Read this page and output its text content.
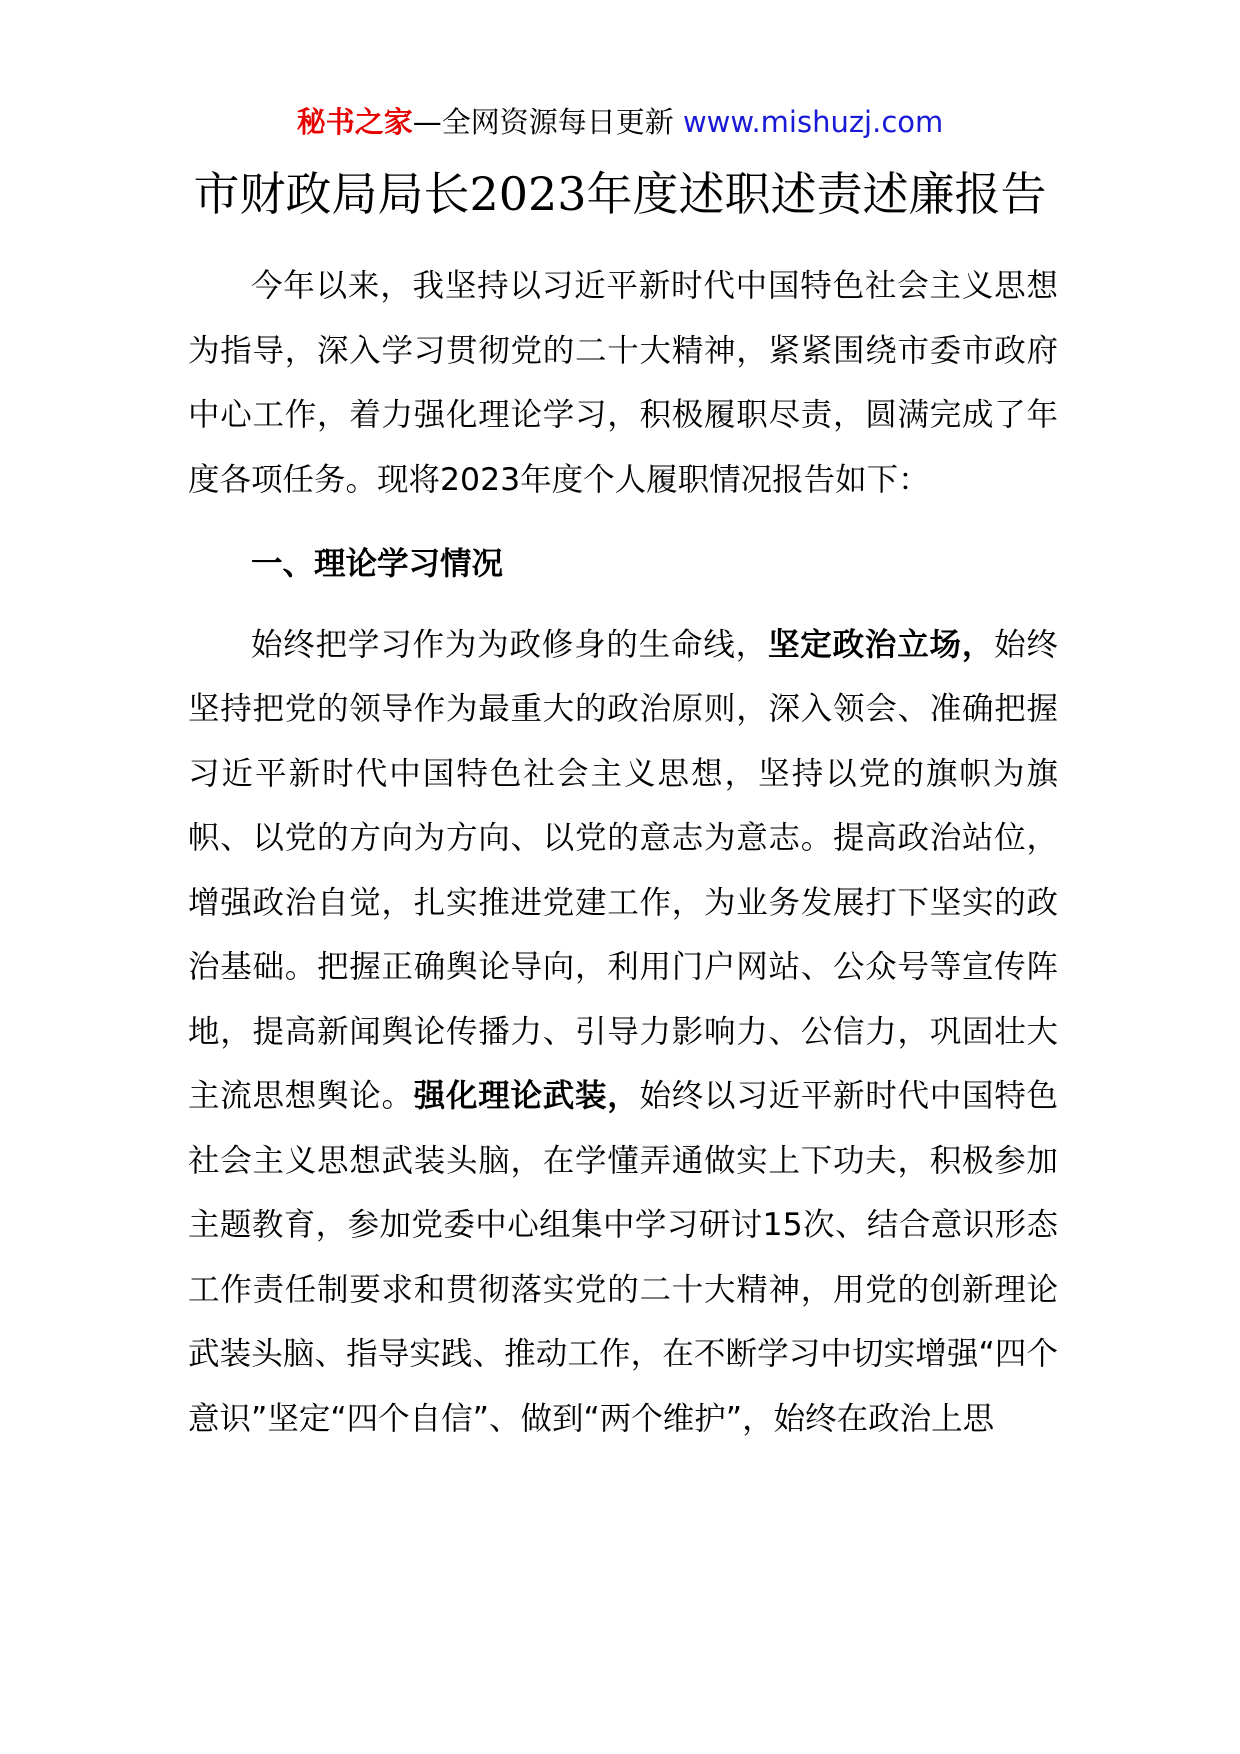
秘书之家—全网资源每日更新 www.mishuzj.com
市财政局局长2023年度述职述责述廉报告

今年以来，我坚持以习近平新时代中国特色社会主义思想为指导，深入学习贯彻党的二十大精神，紧紧围绕市委市政府中心工作，着力强化理论学习，积极履职尽责，圆满完成了年度各项任务。现将2023年度个人履职情况报告如下：

一、理论学习情况

始终把学习作为为政修身的生命线，坚定政治立场，始终坚持把党的领导作为最重大的政治原则，深入领会、准确把握习近平新时代中国特色社会主义思想，坚持以党的旗帜为旗帜、以党的方向为方向、以党的意志为意志。提高政治站位，增强政治自觉，扎实推进党建工作，为业务发展打下坚实的政治基础。把握正确舆论导向，利用门户网站、公众号等宣传阵地，提高新闻舆论传播力、引导力影响力、公信力，巩固壮大主流思想舆论。强化理论武装，始终以习近平新时代中国特色社会主义思想武装头脑，在学懂弄通做实上下功夫，积极参加主题教育，参加党委中心组集中学习研讨15次、结合意识形态工作责任制要求和贯彻落实党的二十大精神，用党的创新理论武装头脑、指导实践、推动工作，在不断学习中切实增强“四个意识”坚定“四个自信”、做到“两个维护”，始终在政治上思
